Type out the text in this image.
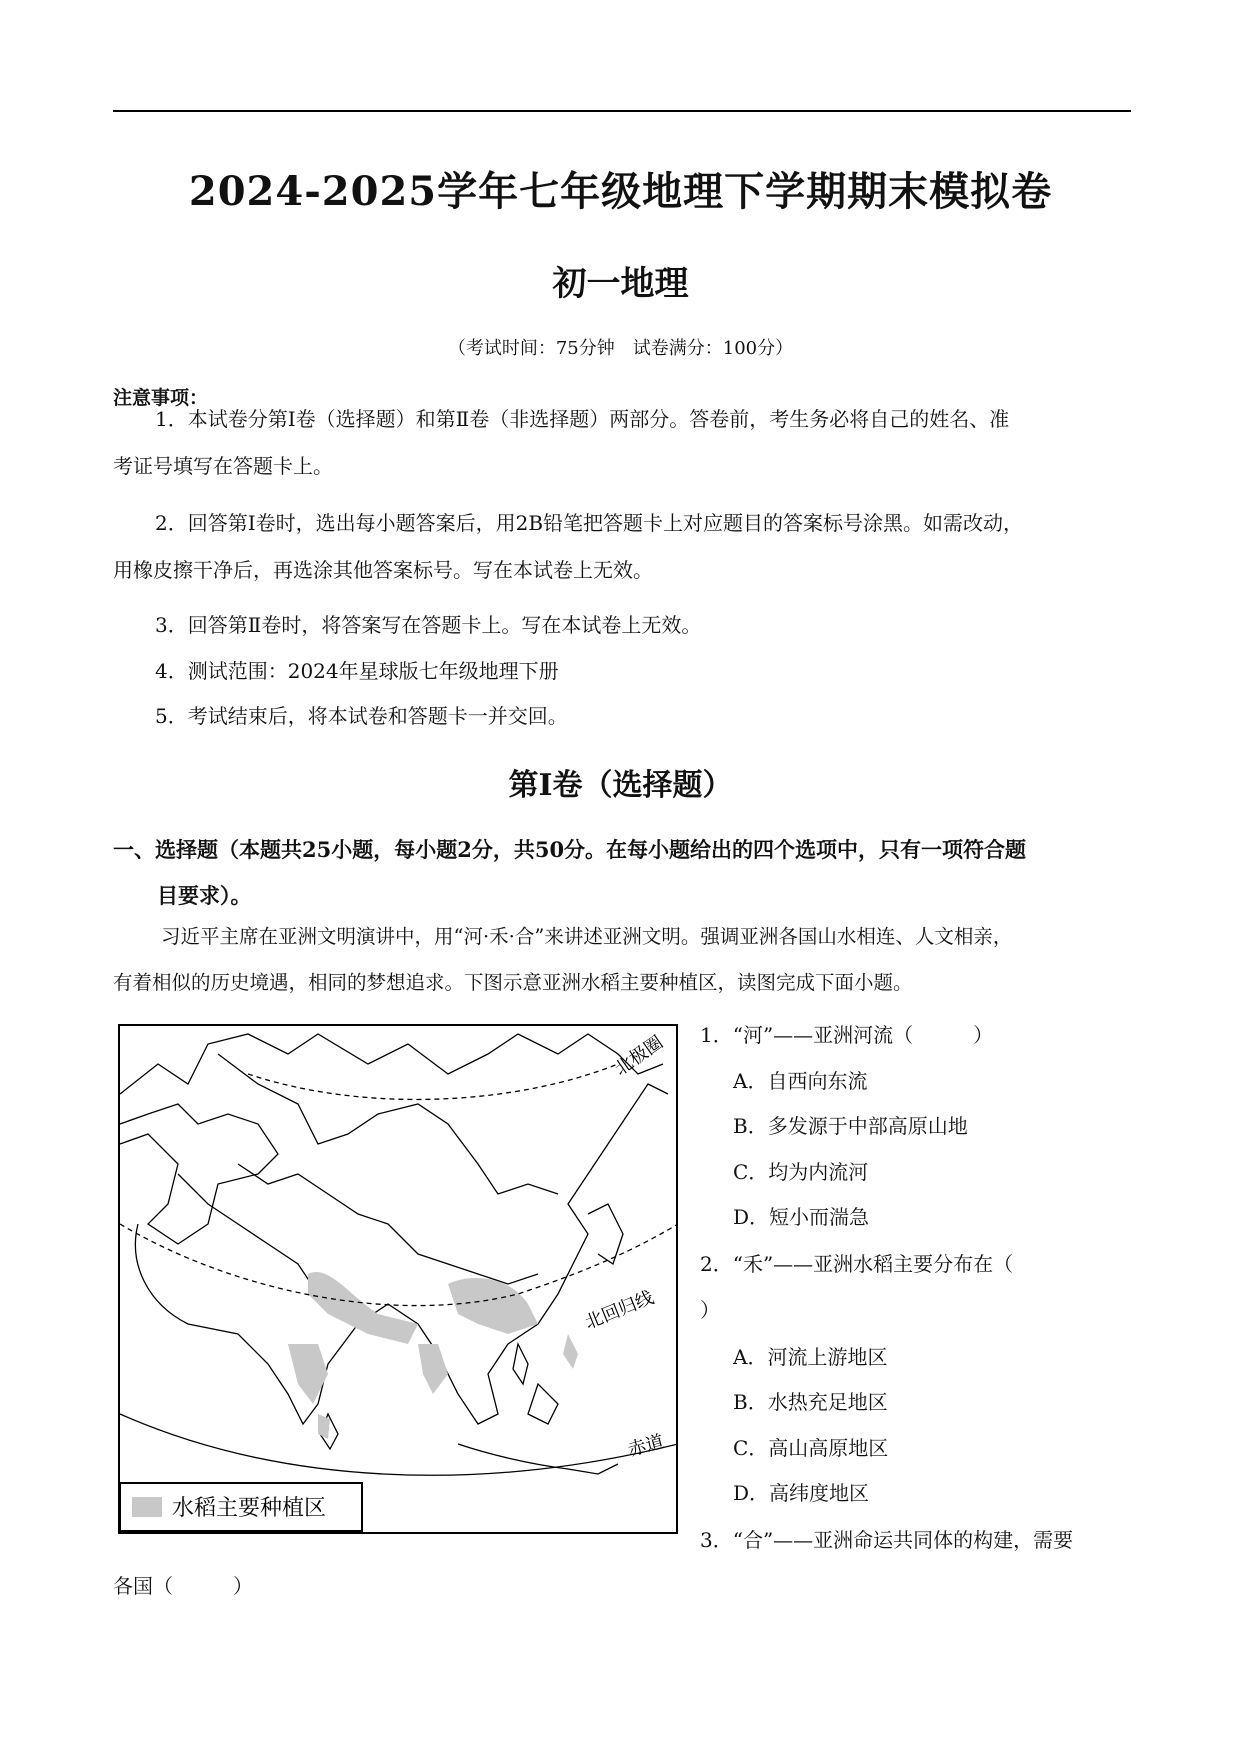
2024-2025学年七年级地理下学期期末模拟卷
初一地理
（考试时间：75分钟　试卷满分：100分）
注意事项：
1．本试卷分第Ⅰ卷（选择题）和第Ⅱ卷（非选择题）两部分。答卷前，考生务必将自己的姓名、准
考证号填写在答题卡上。
2．回答第Ⅰ卷时，选出每小题答案后，用2B铅笔把答题卡上对应题目的答案标号涂黑。如需改动，
用橡皮擦干净后，再选涂其他答案标号。写在本试卷上无效。
3．回答第Ⅱ卷时，将答案写在答题卡上。写在本试卷上无效。
4．测试范围：2024年星球版七年级地理下册
5．考试结束后，将本试卷和答题卡一并交回。
第Ⅰ卷（选择题）
一、选择题（本题共25小题，每小题2分，共50分。在每小题给出的四个选项中，只有一项符合题
目要求）。
习近平主席在亚洲文明演讲中，用“河·禾·合”来讲述亚洲文明。强调亚洲各国山水相连、人文相亲，
有着相似的历史境遇，相同的梦想追求。下图示意亚洲水稻主要种植区，读图完成下面小题。
北极圈
北回归线
赤道
水稻主要种植区
1．“河”——亚洲河流（　　　）
A．自西向东流
B．多发源于中部高原山地
C．均为内流河
D．短小而湍急
2．“禾”——亚洲水稻主要分布在（
）
A．河流上游地区
B．水热充足地区
C．高山高原地区
D．高纬度地区
3．“合”——亚洲命运共同体的构建，需要
各国（　　　）
